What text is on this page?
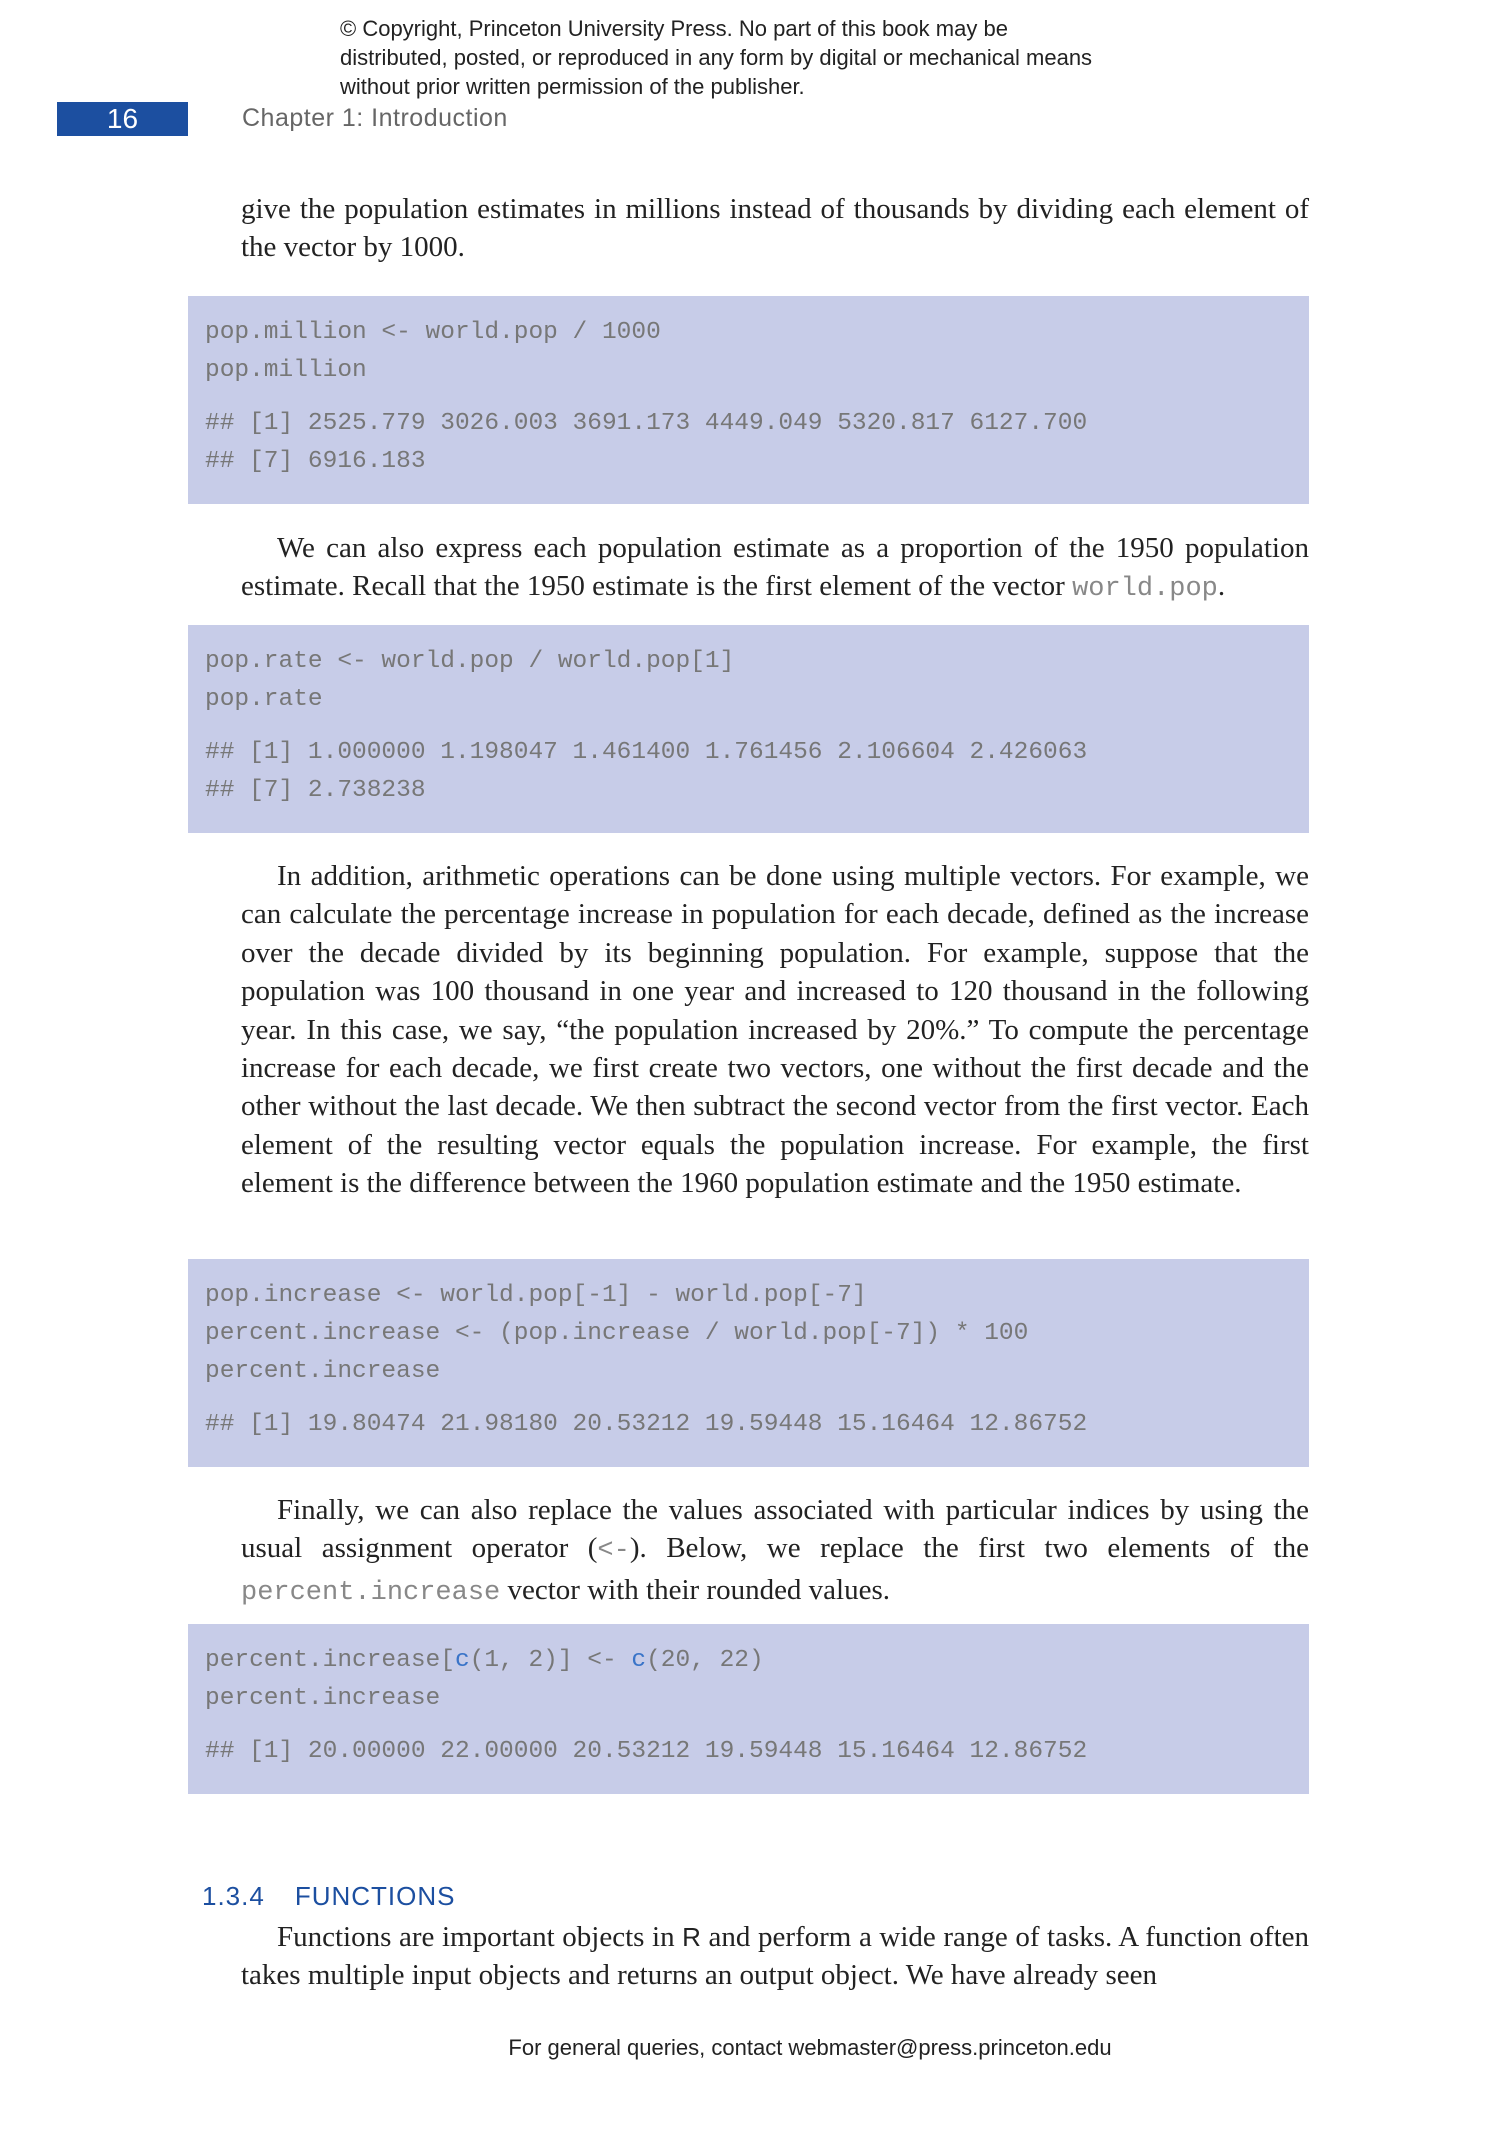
© Copyright, Princeton University Press. No part of this book may be distributed, posted, or reproduced in any form by digital or mechanical means without prior written permission of the publisher.
16	Chapter 1: Introduction
give the population estimates in millions instead of thousands by dividing each element of the vector by 1000.
pop.million <- world.pop / 1000
pop.million
## [1] 2525.779 3026.003 3691.173 4449.049 5320.817 6127.700
## [7] 6916.183
We can also express each population estimate as a proportion of the 1950 population estimate. Recall that the 1950 estimate is the first element of the vector world.pop.
pop.rate <- world.pop / world.pop[1]
pop.rate
## [1] 1.000000 1.198047 1.461400 1.761456 2.106604 2.426063
## [7] 2.738238
In addition, arithmetic operations can be done using multiple vectors. For example, we can calculate the percentage increase in population for each decade, defined as the increase over the decade divided by its beginning population. For example, suppose that the population was 100 thousand in one year and increased to 120 thousand in the following year. In this case, we say, “the population increased by 20%.” To compute the percentage increase for each decade, we first create two vectors, one without the first decade and the other without the last decade. We then subtract the second vector from the first vector. Each element of the resulting vector equals the population increase. For example, the first element is the difference between the 1960 population estimate and the 1950 estimate.
pop.increase <- world.pop[-1] - world.pop[-7]
percent.increase <- (pop.increase / world.pop[-7]) * 100
percent.increase
## [1] 19.80474 21.98180 20.53212 19.59448 15.16464 12.86752
Finally, we can also replace the values associated with particular indices by using the usual assignment operator (<-). Below, we replace the first two elements of the percent.increase vector with their rounded values.
percent.increase[c(1, 2)] <- c(20, 22)
percent.increase
## [1] 20.00000 22.00000 20.53212 19.59448 15.16464 12.86752
1.3.4 FUNCTIONS
Functions are important objects in R and perform a wide range of tasks. A function often takes multiple input objects and returns an output object. We have already seen
For general queries, contact webmaster@press.princeton.edu
